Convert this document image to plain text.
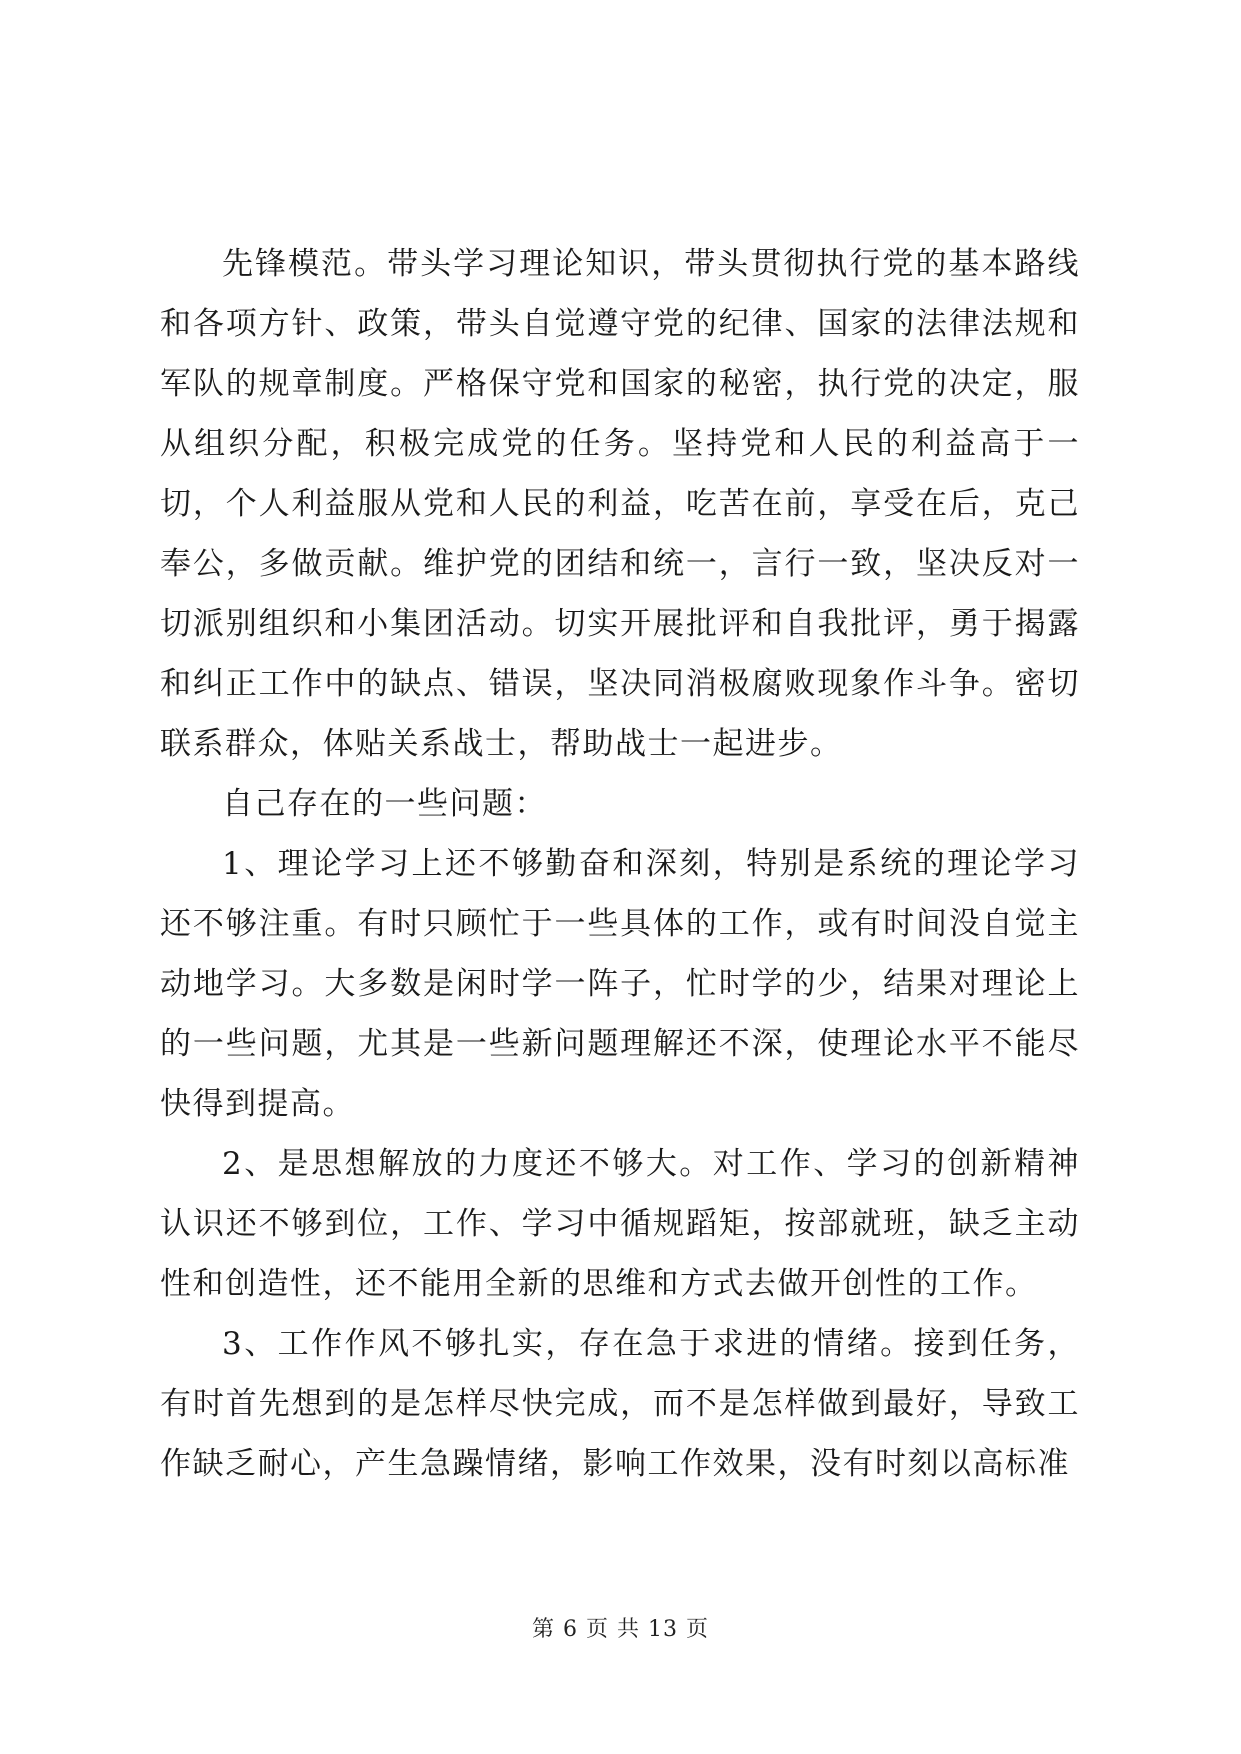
先锋模范。带头学习理论知识，带头贯彻执行党的基本路线和各项方针、政策，带头自觉遵守党的纪律、国家的法律法规和军队的规章制度。严格保守党和国家的秘密，执行党的决定，服从组织分配，积极完成党的任务。坚持党和人民的利益高于一切，个人利益服从党和人民的利益，吃苦在前，享受在后，克己奉公，多做贡献。维护党的团结和统一，言行一致，坚决反对一切派别组织和小集团活动。切实开展批评和自我批评，勇于揭露和纠正工作中的缺点、错误，坚决同消极腐败现象作斗争。密切联系群众，体贴关系战士，帮助战士一起进步。

自己存在的一些问题：

1、理论学习上还不够勤奋和深刻，特别是系统的理论学习还不够注重。有时只顾忙于一些具体的工作，或有时间没自觉主动地学习。大多数是闲时学一阵子，忙时学的少，结果对理论上的一些问题，尤其是一些新问题理解还不深，使理论水平不能尽快得到提高。

2、是思想解放的力度还不够大。对工作、学习的创新精神认识还不够到位，工作、学习中循规蹈矩，按部就班，缺乏主动性和创造性，还不能用全新的思维和方式去做开创性的工作。

3、工作作风不够扎实，存在急于求进的情绪。接到任务，有时首先想到的是怎样尽快完成，而不是怎样做到最好，导致工作缺乏耐心，产生急躁情绪，影响工作效果，没有时刻以高标准

第 6 页 共 13 页
